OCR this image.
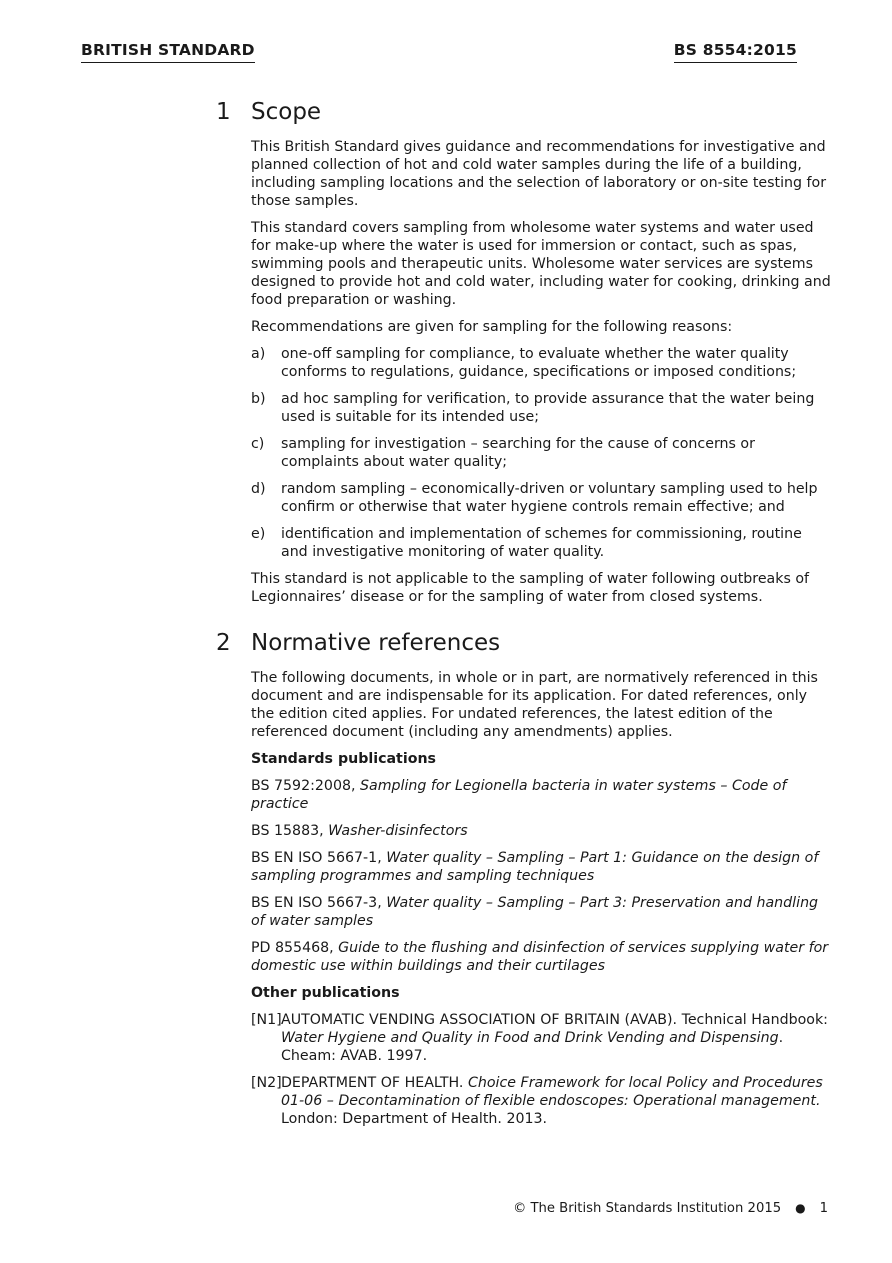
BRITISH STANDARD	BS 8554:2015
1 Scope

This British Standard gives guidance and recommendations for investigative and planned collection of hot and cold water samples during the life of a building, including sampling locations and the selection of laboratory or on-site testing for those samples.

This standard covers sampling from wholesome water systems and water used for make-up where the water is used for immersion or contact, such as spas, swimming pools and therapeutic units. Wholesome water services are systems designed to provide hot and cold water, including water for cooking, drinking and food preparation or washing.

Recommendations are given for sampling for the following reasons:

a) one-off sampling for compliance, to evaluate whether the water quality conforms to regulations, guidance, specifications or imposed conditions;
b) ad hoc sampling for verification, to provide assurance that the water being used is suitable for its intended use;
c) sampling for investigation – searching for the cause of concerns or complaints about water quality;
d) random sampling – economically-driven or voluntary sampling used to help confirm or otherwise that water hygiene controls remain effective; and
e) identification and implementation of schemes for commissioning, routine and investigative monitoring of water quality.

This standard is not applicable to the sampling of water following outbreaks of Legionnaires’ disease or for the sampling of water from closed systems.

2 Normative references

The following documents, in whole or in part, are normatively referenced in this document and are indispensable for its application. For dated references, only the edition cited applies. For undated references, the latest edition of the referenced document (including any amendments) applies.

Standards publications

BS 7592:2008, Sampling for Legionella bacteria in water systems – Code of practice

BS 15883, Washer-disinfectors

BS EN ISO 5667-1, Water quality – Sampling – Part 1: Guidance on the design of sampling programmes and sampling techniques

BS EN ISO 5667-3, Water quality – Sampling – Part 3: Preservation and handling of water samples

PD 855468, Guide to the flushing and disinfection of services supplying water for domestic use within buildings and their curtilages

Other publications

[N1] AUTOMATIC VENDING ASSOCIATION OF BRITAIN (AVAB). Technical Handbook: Water Hygiene and Quality in Food and Drink Vending and Dispensing. Cheam: AVAB. 1997.
[N2] DEPARTMENT OF HEALTH. Choice Framework for local Policy and Procedures 01-06 – Decontamination of flexible endoscopes: Operational management. London: Department of Health. 2013.
© The British Standards Institution 2015 ● 1
